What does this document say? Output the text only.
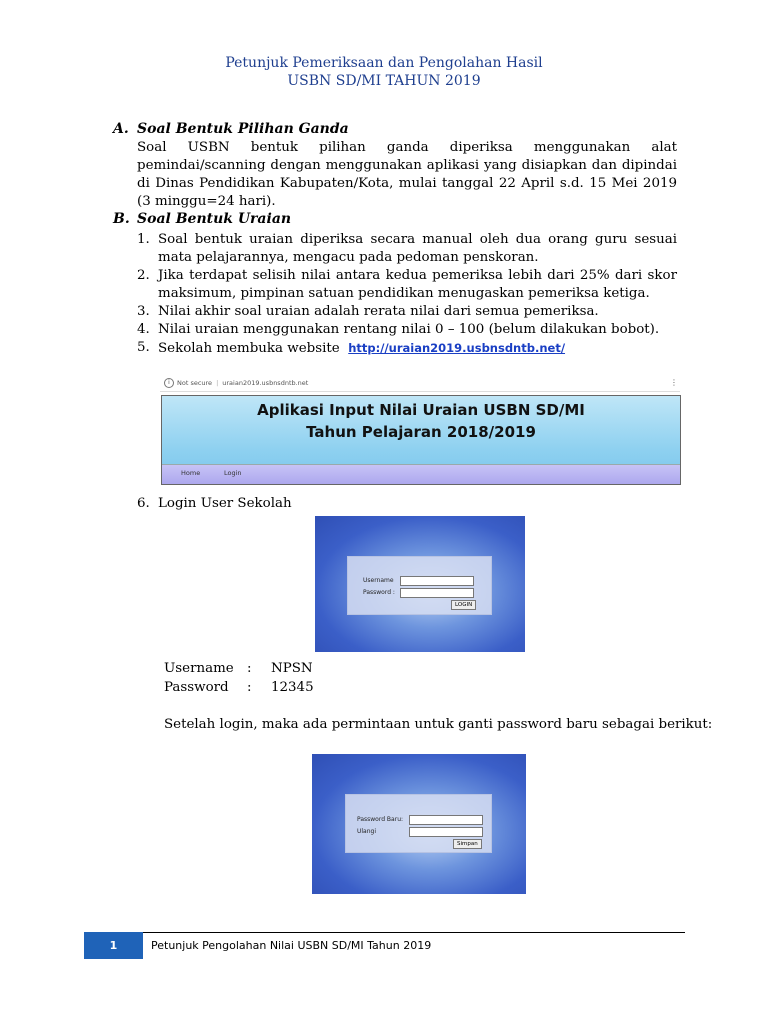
Petunjuk Pemeriksaan dan Pengolahan Hasil
USBN SD/MI TAHUN 2019
A. Soal Bentuk Pilihan Ganda
Soal USBN bentuk pilihan ganda diperiksa menggunakan alat pemindai/scanning dengan menggunakan aplikasi yang disiapkan dan dipindai di Dinas Pendidikan Kabupaten/Kota, mulai tanggal 22 April s.d. 15 Mei 2019 (3 minggu=24 hari).
B. Soal Bentuk Uraian
1. Soal bentuk uraian diperiksa secara manual oleh dua orang guru sesuai mata pelajarannya, mengacu pada pedoman penskoran.
2. Jika terdapat selisih nilai antara kedua pemeriksa lebih dari 25% dari skor maksimum, pimpinan satuan pendidikan menugaskan pemeriksa ketiga.
3. Nilai akhir soal uraian adalah rerata nilai dari semua pemeriksa.
4. Nilai uraian menggunakan rentang nilai 0 – 100 (belum dilakukan bobot).
5. Sekolah membuka website http://uraian2019.usbnsdntb.net/
i Not secure | uraian2019.usbnsdntb.net	⋮
Aplikasi Input Nilai Uraian USBN SD/MI
Tahun Pelajaran 2018/2019
Home	Login
6. Login User Sekolah
Username
Password :
LOGIN
Username : NPSN
Password : 12345
Setelah login, maka ada permintaan untuk ganti password baru sebagai berikut:
Password Baru:
Ulangi
Simpan
1	Petunjuk Pengolahan Nilai USBN SD/MI Tahun 2019
